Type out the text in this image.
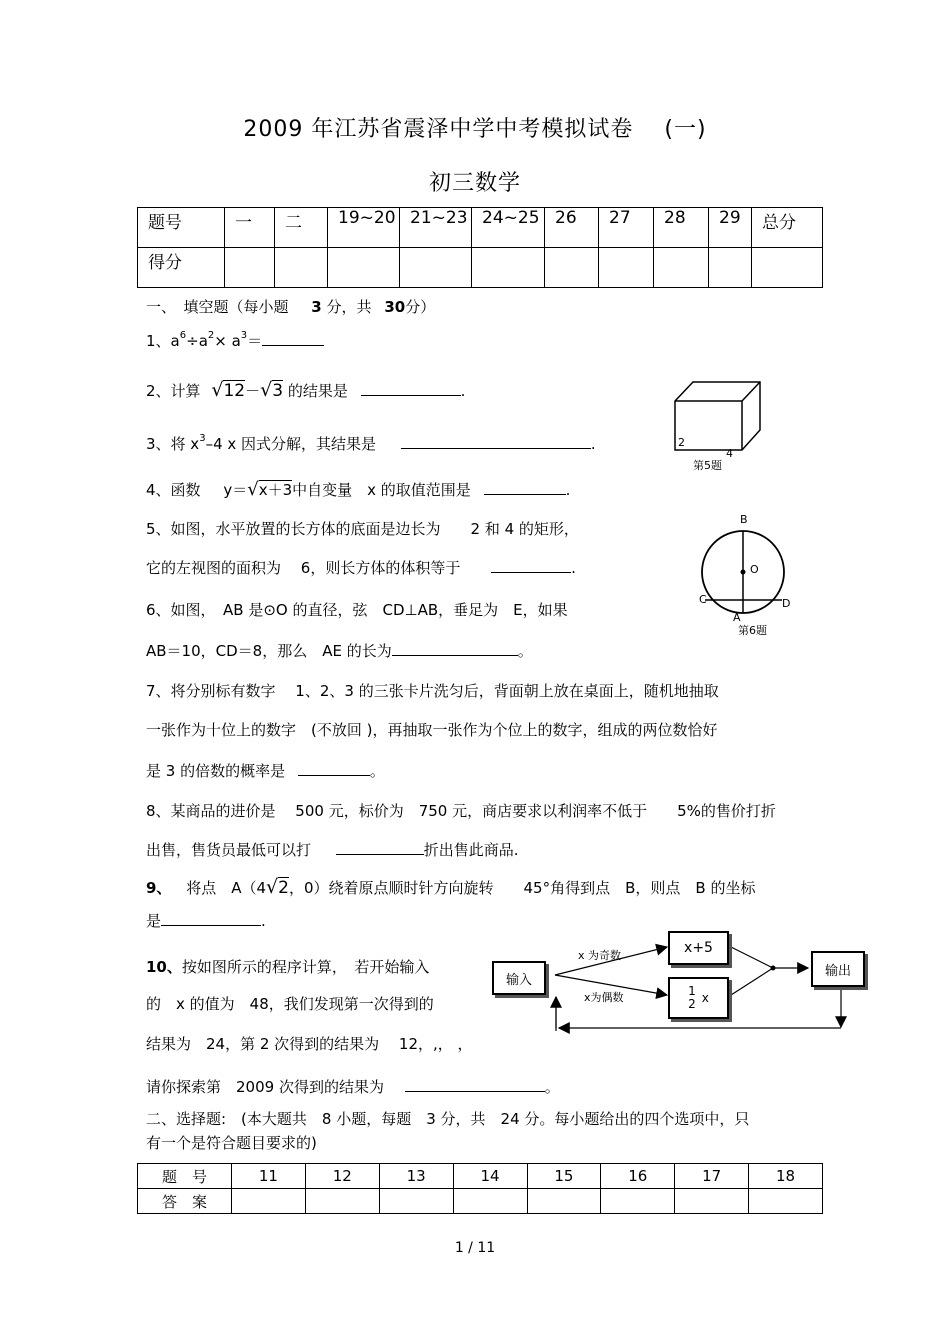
2009 年江苏省震泽中学中考模拟试卷　 (一)
初三数学
题号	一	二	19~20	21~23	24~25	26	27	28	29	总分
得分										
一、　填空题（每小题 3 分，共 30分）
1、$a^6\div a^2\times a^3=$
2、计算 √12－√3 的结果是	.
3、将 $x^3-4$ x 因式分解，其结果是	.
4、函数 y＝√x＋3中自变量　x 的取值范围是	.
5、如图，水平放置的长方体的底面是边长为　　2 和 4 的矩形，
它的左视图的面积为　 6，则长方体的体积等于	.
6、如图，　AB 是⊙O 的直径，弦　CD⊥AB，垂足为　E，如果
AB＝10，CD＝8，那么　AE 的长为	。
7、将分别标有数字　 1、2、3 的三张卡片洗匀后，背面朝上放在桌面上，随机地抽取
一张作为十位上的数字　(不放回 )，再抽取一张作为个位上的数字，组成的两位数恰好
是 3 的倍数的概率是	。
8、某商品的进价是　 500 元，标价为　750 元，商店要求以利润率不低于　　5%的售价打折
出售，售货员最低可以打	折出售此商品.
9、 将点　A（4√2，0）绕着原点顺时针方向旋转　　45°角得到点　B，则点　B 的坐标
是	.
10、按如图所示的程序计算，　若开始输入
的　x 的值为　48，我们发现第一次得到的
结果为　24，第 2 次得到的结果为　 12，,， ，
请你探索第　2009 次得到的结果为	。
2
4
第5题
B
O
C	D
A
第6题
输入
x 为奇数
x为偶数
x+5
1
2 x
输出
二、选择题:　(本大题共　8 小题，每题　3 分，共　24 分。每小题给出的四个选项中，只
有一个是符合题目要求的)
题　号	11	12	13	14	15	16	17	18
答　案								
1 / 11
